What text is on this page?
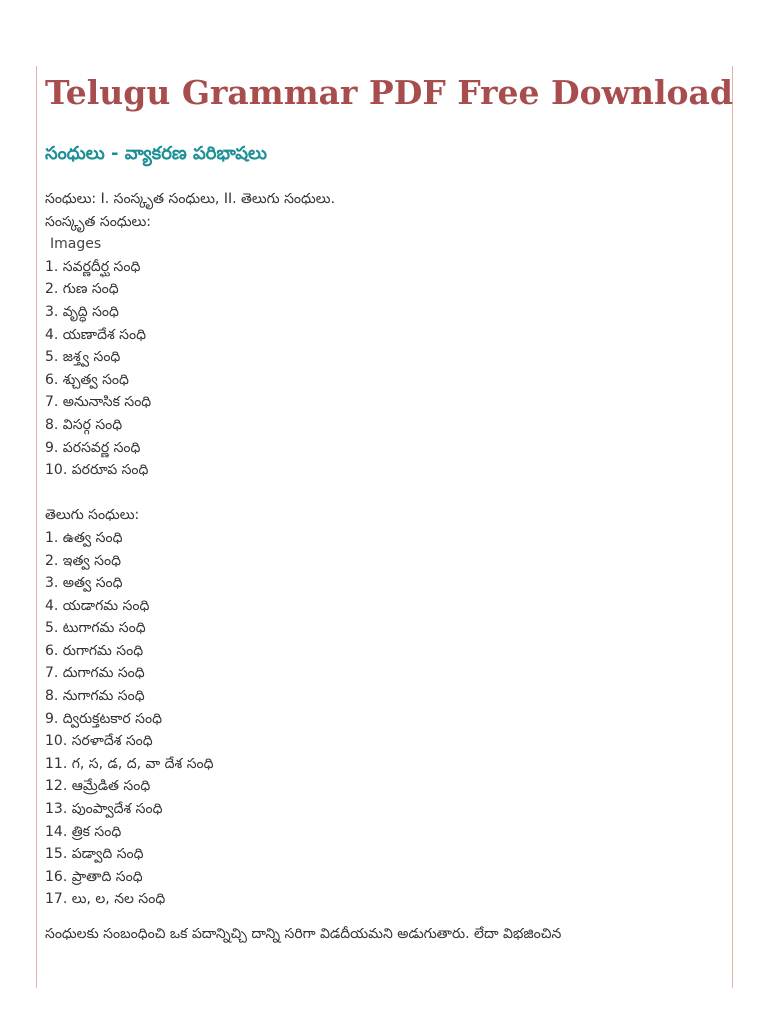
Telugu Grammar PDF Free Download
సంధులు - వ్యాకరణ పరిభాషలు

సంధులు: I. సంస్కృత సంధులు, II. తెలుగు సంధులు.

సంస్కృత సంధులు:

Images

1. సవర్ణదీర్ఘ సంధి
2. గుణ సంధి
3. వృద్ధి సంధి
4. యణాదేశ సంధి
5. జశ్త్వ సంధి
6. శ్చుత్వ సంధి
7. అనునాసిక సంధి
8. విసర్గ సంధి
9. పరసవర్ణ సంధి
10. పరరూప సంధి

తెలుగు సంధులు:

1. ఉత్వ సంధి
2. ఇత్వ సంధి
3. అత్వ సంధి
4. యడాగమ సంధి
5. టుగాగమ సంధి
6. రుగాగమ సంధి
7. దుగాగమ సంధి
8. నుగాగమ సంధి
9. ద్విరుక్తటకార సంధి
10. సరళాదేశ సంధి
11. గ, స, డ, ద, వా దేశ సంధి
12. ఆమ్రేడిత సంధి
13. పుంప్వాదేశ సంధి
14. త్రిక సంధి
15. పడ్వాది సంధి
16. ప్రాతాది సంధి
17. లు, ల, నల సంధి

సంధులకు సంబంధించి ఒక పదాన్నిచ్చి దాన్ని సరిగా విడదీయమని అడుగుతారు. లేదా విభజించిన
